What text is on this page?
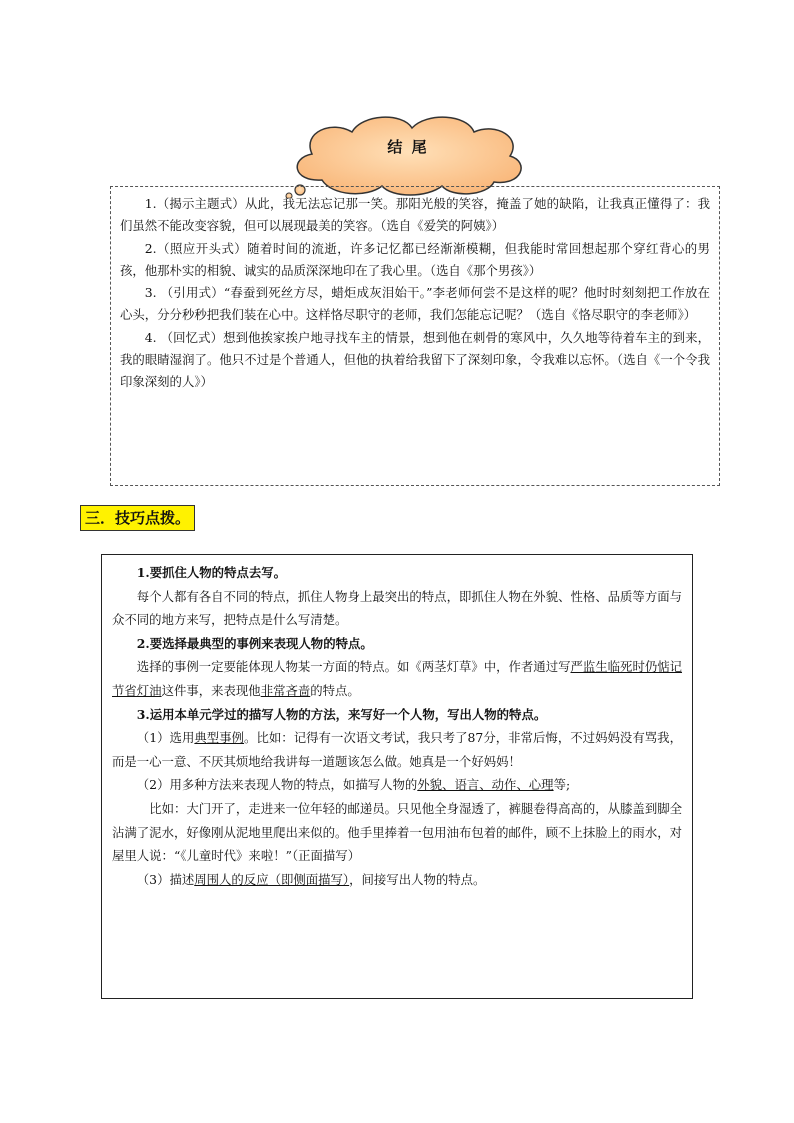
结 尾

1.（揭示主题式）从此，我无法忘记那一笑。那阳光般的笑容，掩盖了她的缺陷，让我真正懂得了：我们虽然不能改变容貌，但可以展现最美的笑容。（选自《爱笑的阿姨》）

2.（照应开头式）随着时间的流逝，许多记忆都已经渐渐模糊，但我能时常回想起那个穿红背心的男孩，他那朴实的相貌、诚实的品质深深地印在了我心里。（选自《那个男孩》）

3. （引用式）“春蚕到死丝方尽，蜡炬成灰泪始干。”李老师何尝不是这样的呢？他时时刻刻把工作放在心头，分分秒秒把我们装在心中。这样恪尽职守的老师，我们怎能忘记呢？（选自《恪尽职守的李老师》）

4. （回忆式）想到他挨家挨户地寻找车主的情景，想到他在刺骨的寒风中，久久地等待着车主的到来，我的眼睛湿润了。他只不过是个普通人，但他的执着给我留下了深刻印象，令我难以忘怀。（选自《一个令我印象深刻的人》）

三．技巧点拨。

1.要抓住人物的特点去写。

每个人都有各自不同的特点，抓住人物身上最突出的特点，即抓住人物在外貌、性格、品质等方面与众不同的地方来写，把特点是什么写清楚。

2.要选择最典型的事例来表现人物的特点。

选择的事例一定要能体现人物某一方面的特点。如《两茎灯草》中，作者通过写严监生临死时仍惦记节省灯油这件事，来表现他非常吝啬的特点。

3.运用本单元学过的描写人物的方法，来写好一个人物，写出人物的特点。

（1）选用典型事例。比如：记得有一次语文考试，我只考了87分，非常后悔，不过妈妈没有骂我，而是一心一意、不厌其烦地给我讲每一道题该怎么做。她真是一个好妈妈！

（2）用多种方法来表现人物的特点，如描写人物的外貌、语言、动作、心理等;

比如：大门开了，走进来一位年轻的邮递员。只见他全身湿透了，裤腿卷得高高的，从膝盖到脚全沾满了泥水，好像刚从泥地里爬出来似的。他手里捧着一包用油布包着的邮件，顾不上抹脸上的雨水，对屋里人说：“《儿童时代》来啦！”（正面描写）

（3）描述周围人的反应（即侧面描写），间接写出人物的特点。
